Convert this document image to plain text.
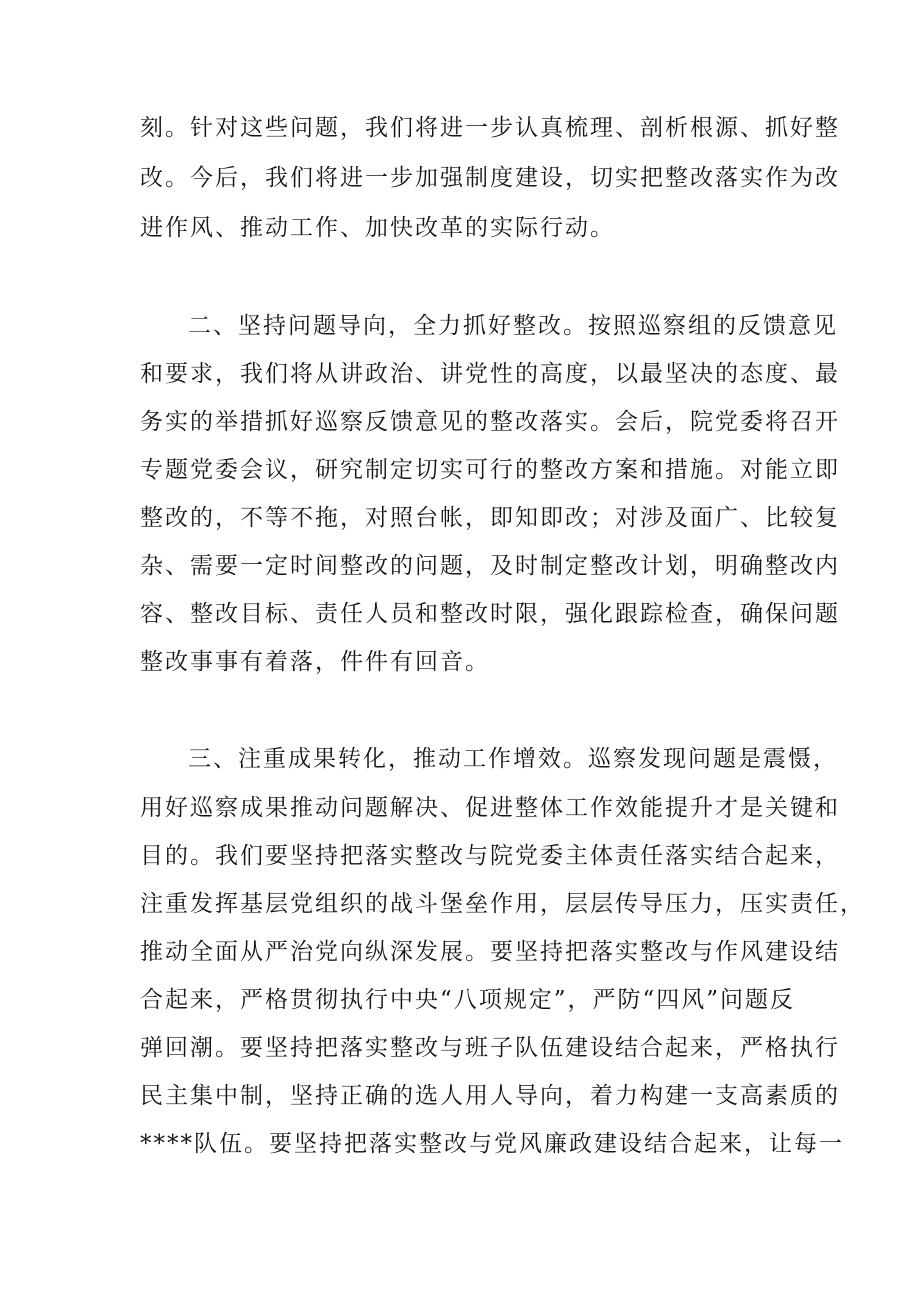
刻。针对这些问题，我们将进一步认真梳理、剖析根源、抓好整
改。今后，我们将进一步加强制度建设，切实把整改落实作为改
进作风、推动工作、加快改革的实际行动。
二、坚持问题导向，全力抓好整改。按照巡察组的反馈意见
和要求，我们将从讲政治、讲党性的高度，以最坚决的态度、最
务实的举措抓好巡察反馈意见的整改落实。会后，院党委将召开
专题党委会议，研究制定切实可行的整改方案和措施。对能立即
整改的，不等不拖，对照台帐，即知即改；对涉及面广、比较复
杂、需要一定时间整改的问题，及时制定整改计划，明确整改内
容、整改目标、责任人员和整改时限，强化跟踪检查，确保问题
整改事事有着落，件件有回音。
三、注重成果转化，推动工作增效。巡察发现问题是震慑，
用好巡察成果推动问题解决、促进整体工作效能提升才是关键和
目的。我们要坚持把落实整改与院党委主体责任落实结合起来，
注重发挥基层党组织的战斗堡垒作用，层层传导压力，压实责任，
推动全面从严治党向纵深发展。要坚持把落实整改与作风建设结
合起来，严格贯彻执行中央“八项规定”，严防“四风”问题反
弹回潮。要坚持把落实整改与班子队伍建设结合起来，严格执行
民主集中制，坚持正确的选人用人导向，着力构建一支高素质的
****队伍。要坚持把落实整改与党风廉政建设结合起来，让每一
